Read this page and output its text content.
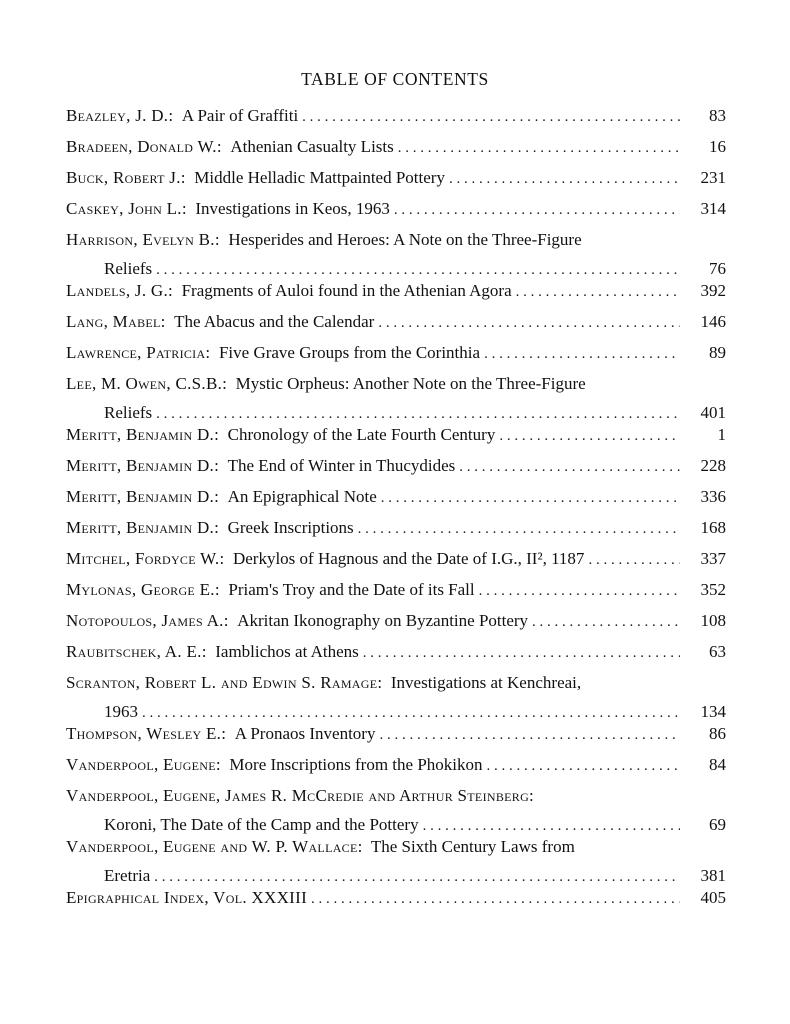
TABLE OF CONTENTS
Beazley, J. D.:
A Pair of Graffiti . . .	83
Bradeen, Donald W.:
Athenian Casualty Lists . . .	16
Buck, Robert J.:
Middle Helladic Mattpainted Pottery . . .	231
Caskey, John L.:
Investigations in Keos, 1963 . . .	314
Harrison, Evelyn B.: Hesperides and Heroes: A Note on the Three-Figure
Reliefs . . .	76
Landels, J. G.:
Fragments of Auloi found in the Athenian Agora . . .	392
Lang, Mabel:
The Abacus and the Calendar . . .	146
Lawrence, Patricia:
Five Grave Groups from the Corinthia . . .	89
Lee, M. Owen, C.S.B.: Mystic Orpheus: Another Note on the Three-Figure
Reliefs . . .	401
Meritt, Benjamin D.:
Chronology of the Late Fourth Century . . .	1
Meritt, Benjamin D.:
The End of Winter in Thucydides . . .	228
Meritt, Benjamin D.:
An Epigraphical Note . . .	336
Meritt, Benjamin D.:
Greek Inscriptions . . .	168
Mitchel, Fordyce W.:
Derkylos of Hagnous and the Date of I.G., II², 1187 . . .	337
Mylonas, George E.:
Priam's Troy and the Date of its Fall . . .	352
Notopoulos, James A.:
Akritan Ikonography on Byzantine Pottery . . .	108
Raubitschek, A. E.:
Iamblichos at Athens . . .	63
Scranton, Robert L. and Edwin S. Ramage: Investigations at Kenchreai,
1963 . . .	134
Thompson, Wesley E.:
A Pronaos Inventory . . .	86
Vanderpool, Eugene:
More Inscriptions from the Phokikon . . .	84
Vanderpool, Eugene, James R. McCredie and Arthur Steinberg:
Koroni, The Date of the Camp and the Pottery . . .	69
Vanderpool, Eugene and W. P. Wallace: The Sixth Century Laws from
Eretria . . .	381
Epigraphical Index, Vol. XXXIII . . .	405
